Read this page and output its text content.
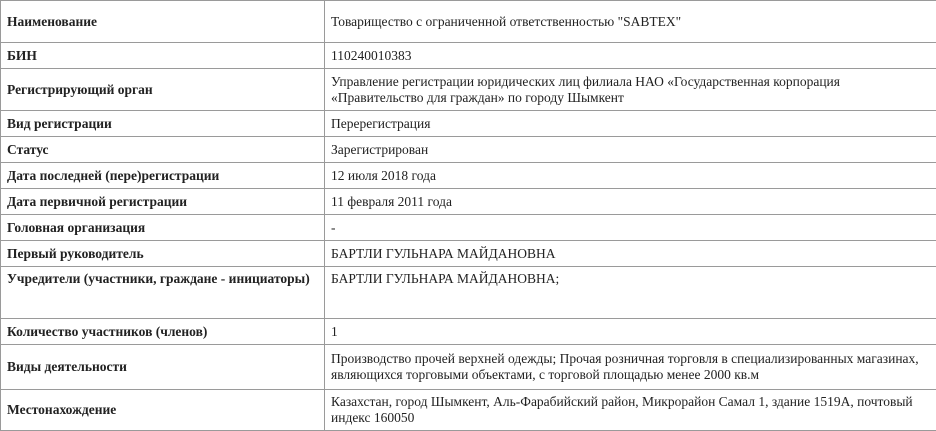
Наименование	Товарищество с ограниченной ответственностью "SABTEX"
БИН	110240010383
Регистрирующий орган	Управление регистрации юридических лиц филиала НАО «Государственная корпорация «Правительство для граждан» по городу Шымкент
Вид регистрации	Перерегистрация
Статус	Зарегистрирован
Дата последней (пере)регистрации	12 июля 2018 года
Дата первичной регистрации	11 февраля 2011 года
Головная организация	-
Первый руководитель	БАРТЛИ ГУЛЬНАРА МАЙДАНОВНА
Учредители (участники, граждане - инициаторы)	БАРТЛИ ГУЛЬНАРА МАЙДАНОВНА;
Количество участников (членов)	1
Виды деятельности	Производство прочей верхней одежды; Прочая розничная торговля в специализированных магазинах, являющихся торговыми объектами, с торговой площадью менее 2000 кв.м
Местонахождение	Казахстан, город Шымкент, Аль-Фарабийский район, Микрорайон Самал 1, здание 1519А, почтовый индекс 160050
